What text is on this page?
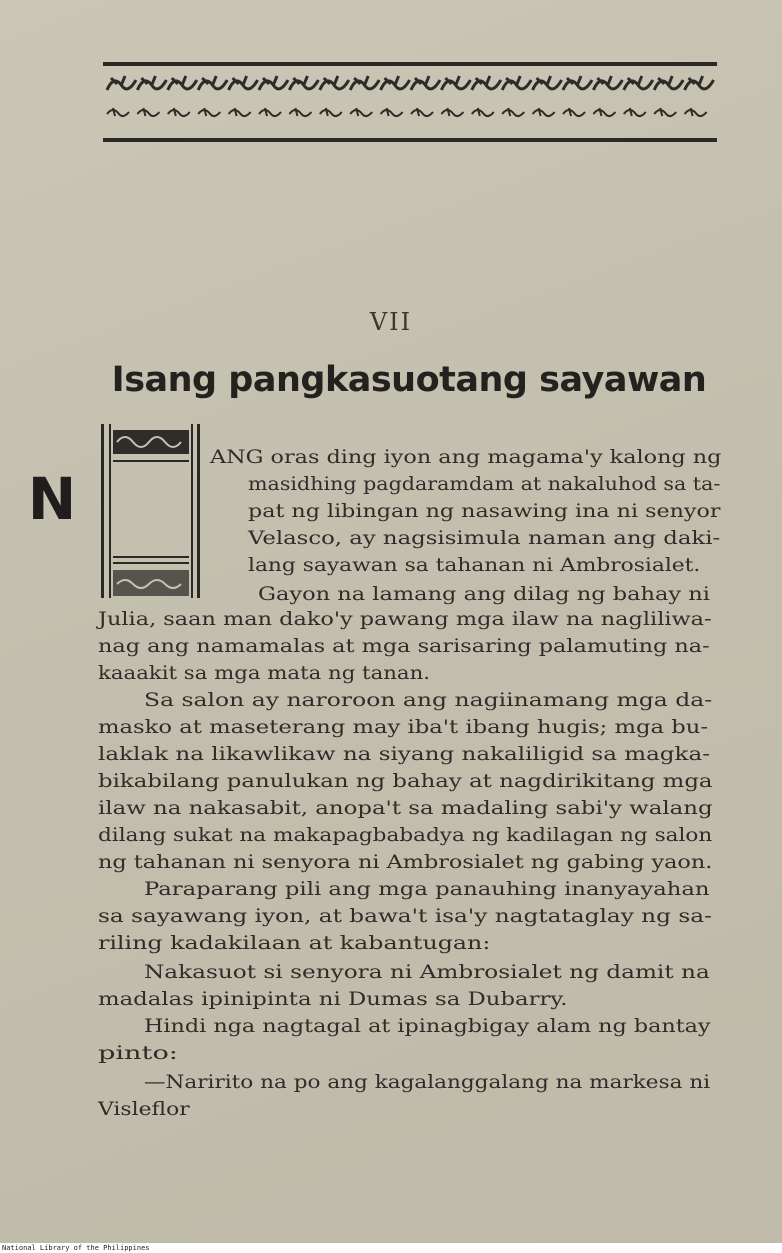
VII
Isang pangkasuotang sayawan
N
ANG oras ding iyon ang magama'y kalong ng
masidhing pagdaramdam at nakaluhod sa ta-
pat ng libingan ng nasawing ina ni senyor
Velasco, ay nagsisimula naman ang daki-
lang sayawan sa tahanan ni Ambrosialet.
Gayon na lamang ang dilag ng bahay ni
Julia, saan man dako'y pawang mga ilaw na nagliliwa-
nag ang namamalas at mga sarisaring palamuting na-
kaaakit sa mga mata ng tanan.
Sa salon ay naroroon ang nagiinamang mga da-
masko at maseterang may iba't ibang hugis; mga bu-
laklak na likawlikaw na siyang nakaliligid sa magka-
bikabilang panulukan ng bahay at nagdirikitang mga
ilaw na nakasabit, anopa't sa madaling sabi'y walang
dilang sukat na makapagbabadya ng kadilagan ng salon
ng tahanan ni senyora ni Ambrosialet ng gabing yaon.
Paraparang pili ang mga panauhing inanyayahan
sa sayawang iyon, at bawa't isa'y nagtataglay ng sa-
riling kadakilaan at kabantugan:
Nakasuot si senyora ni Ambrosialet ng damit na
madalas ipinipinta ni Dumas sa Dubarry.
Hindi nga nagtagal at ipinagbigay alam ng bantay
pinto:
—Naririto na po ang kagalanggalang na markesa ni
Visleflor
National Library of the Philippines
